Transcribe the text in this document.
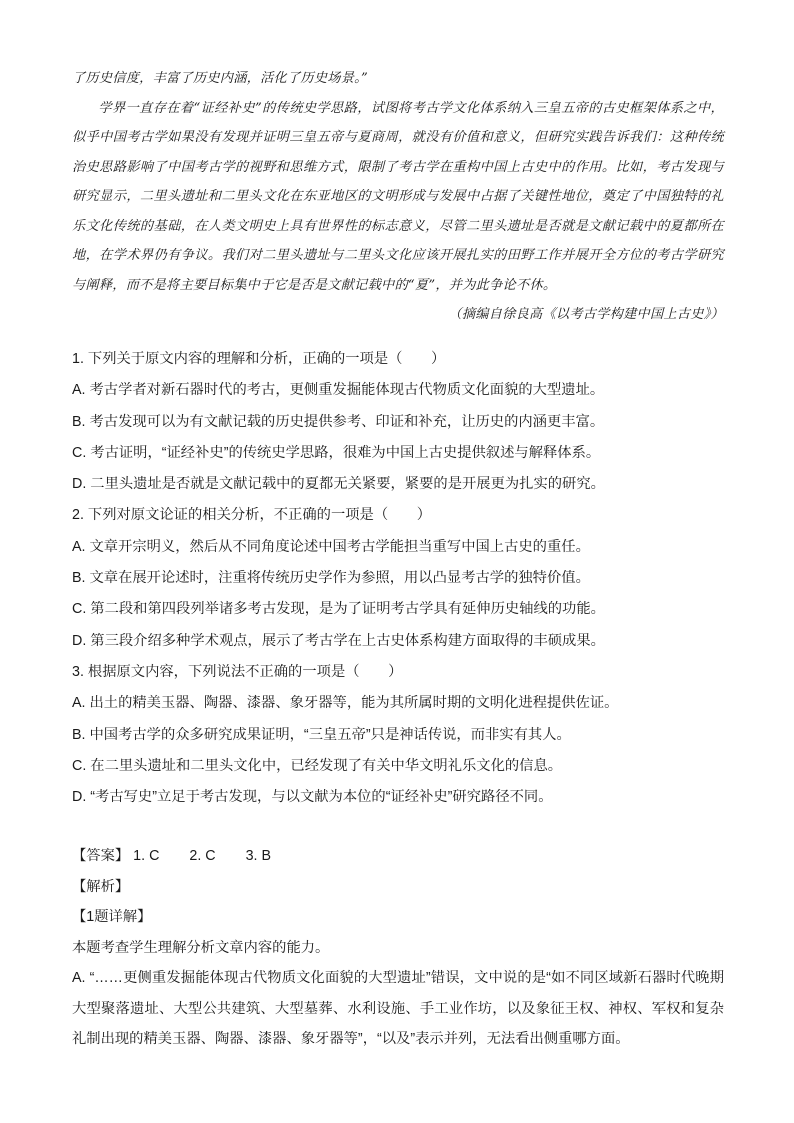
了历史信度，丰富了历史内涵，活化了历史场景。”

学界一直存在着“证经补史”的传统史学思路，试图将考古学文化体系纳入三皇五帝的古史框架体系之中，似乎中国考古学如果没有发现并证明三皇五帝与夏商周，就没有价值和意义，但研究实践告诉我们：这种传统治史思路影响了中国考古学的视野和思维方式，限制了考古学在重构中国上古史中的作用。比如，考古发现与研究显示，二里头遗址和二里头文化在东亚地区的文明形成与发展中占据了关键性地位，奠定了中国独特的礼乐文化传统的基础，在人类文明史上具有世界性的标志意义，尽管二里头遗址是否就是文献记载中的夏都所在地，在学术界仍有争议。我们对二里头遗址与二里头文化应该开展扎实的田野工作并展开全方位的考古学研究与阐释，而不是将主要目标集中于它是否是文献记载中的“夏”，并为此争论不休。

（摘编自徐良高《以考古学构建中国上古史》）

1. 下列关于原文内容的理解和分析，正确的一项是（　　）

A. 考古学者对新石器时代的考古，更侧重发掘能体现古代物质文化面貌的大型遗址。

B. 考古发现可以为有文献记载的历史提供参考、印证和补充，让历史的内涵更丰富。

C. 考古证明，“证经补史”的传统史学思路，很难为中国上古史提供叙述与解释体系。

D. 二里头遗址是否就是文献记载中的夏都无关紧要，紧要的是开展更为扎实的研究。

2. 下列对原文论证的相关分析，不正确的一项是（　　）

A. 文章开宗明义，然后从不同角度论述中国考古学能担当重写中国上古史的重任。

B. 文章在展开论述时，注重将传统历史学作为参照，用以凸显考古学的独特价值。

C. 第二段和第四段列举诸多考古发现，是为了证明考古学具有延伸历史轴线的功能。

D. 第三段介绍多种学术观点，展示了考古学在上古史体系构建方面取得的丰硕成果。

3. 根据原文内容，下列说法不正确的一项是（　　）

A. 出土的精美玉器、陶器、漆器、象牙器等，能为其所属时期的文明化进程提供佐证。

B. 中国考古学的众多研究成果证明，“三皇五帝”只是神话传说，而非实有其人。

C. 在二里头遗址和二里头文化中，已经发现了有关中华文明礼乐文化的信息。

D. “考古写史”立足于考古发现，与以文献为本位的“证经补史”研究路径不同。

【答案】 1. C 2. C 3. B

【解析】

【1题详解】

本题考查学生理解分析文章内容的能力。

A. “……更侧重发掘能体现古代物质文化面貌的大型遗址”错误，文中说的是“如不同区域新石器时代晚期大型聚落遗址、大型公共建筑、大型墓葬、水利设施、手工业作坊，以及象征王权、神权、军权和复杂礼制出现的精美玉器、陶器、漆器、象牙器等”，“以及”表示并列，无法看出侧重哪方面。
